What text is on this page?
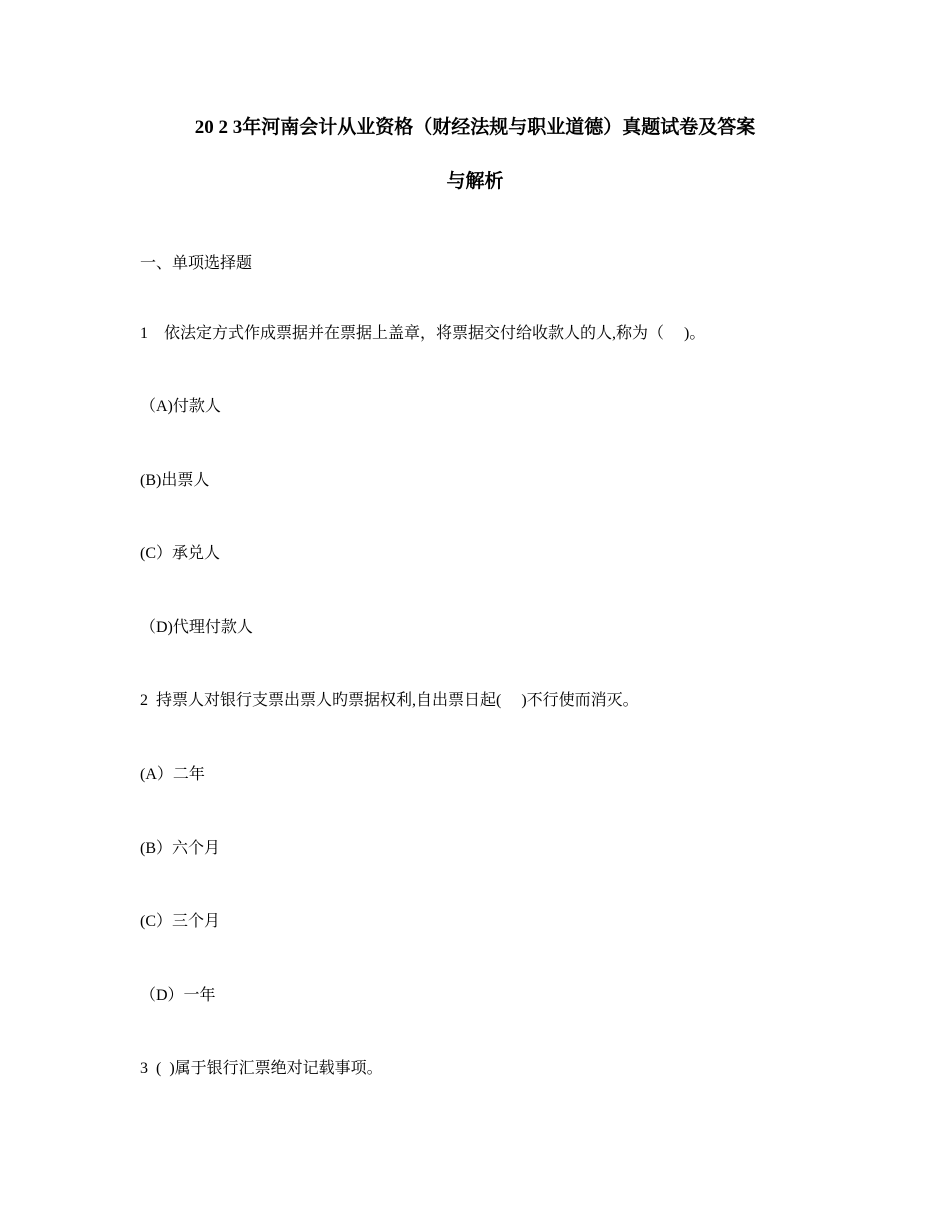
20 2 3年河南会计从业资格（财经法规与职业道德）真题试卷及答案
与解析
一、单项选择题
1    依法定方式作成票据并在票据上盖章，将票据交付给收款人的人,称为（     )。
（A)付款人
(B)出票人
(C）承兑人
（D)代理付款人
2  持票人对银行支票出票人旳票据权利,自出票日起(     )不行使而消灭。
(A）二年
(B）六个月
(C）三个月
（D）一年
3  (  )属于银行汇票绝对记载事项。
